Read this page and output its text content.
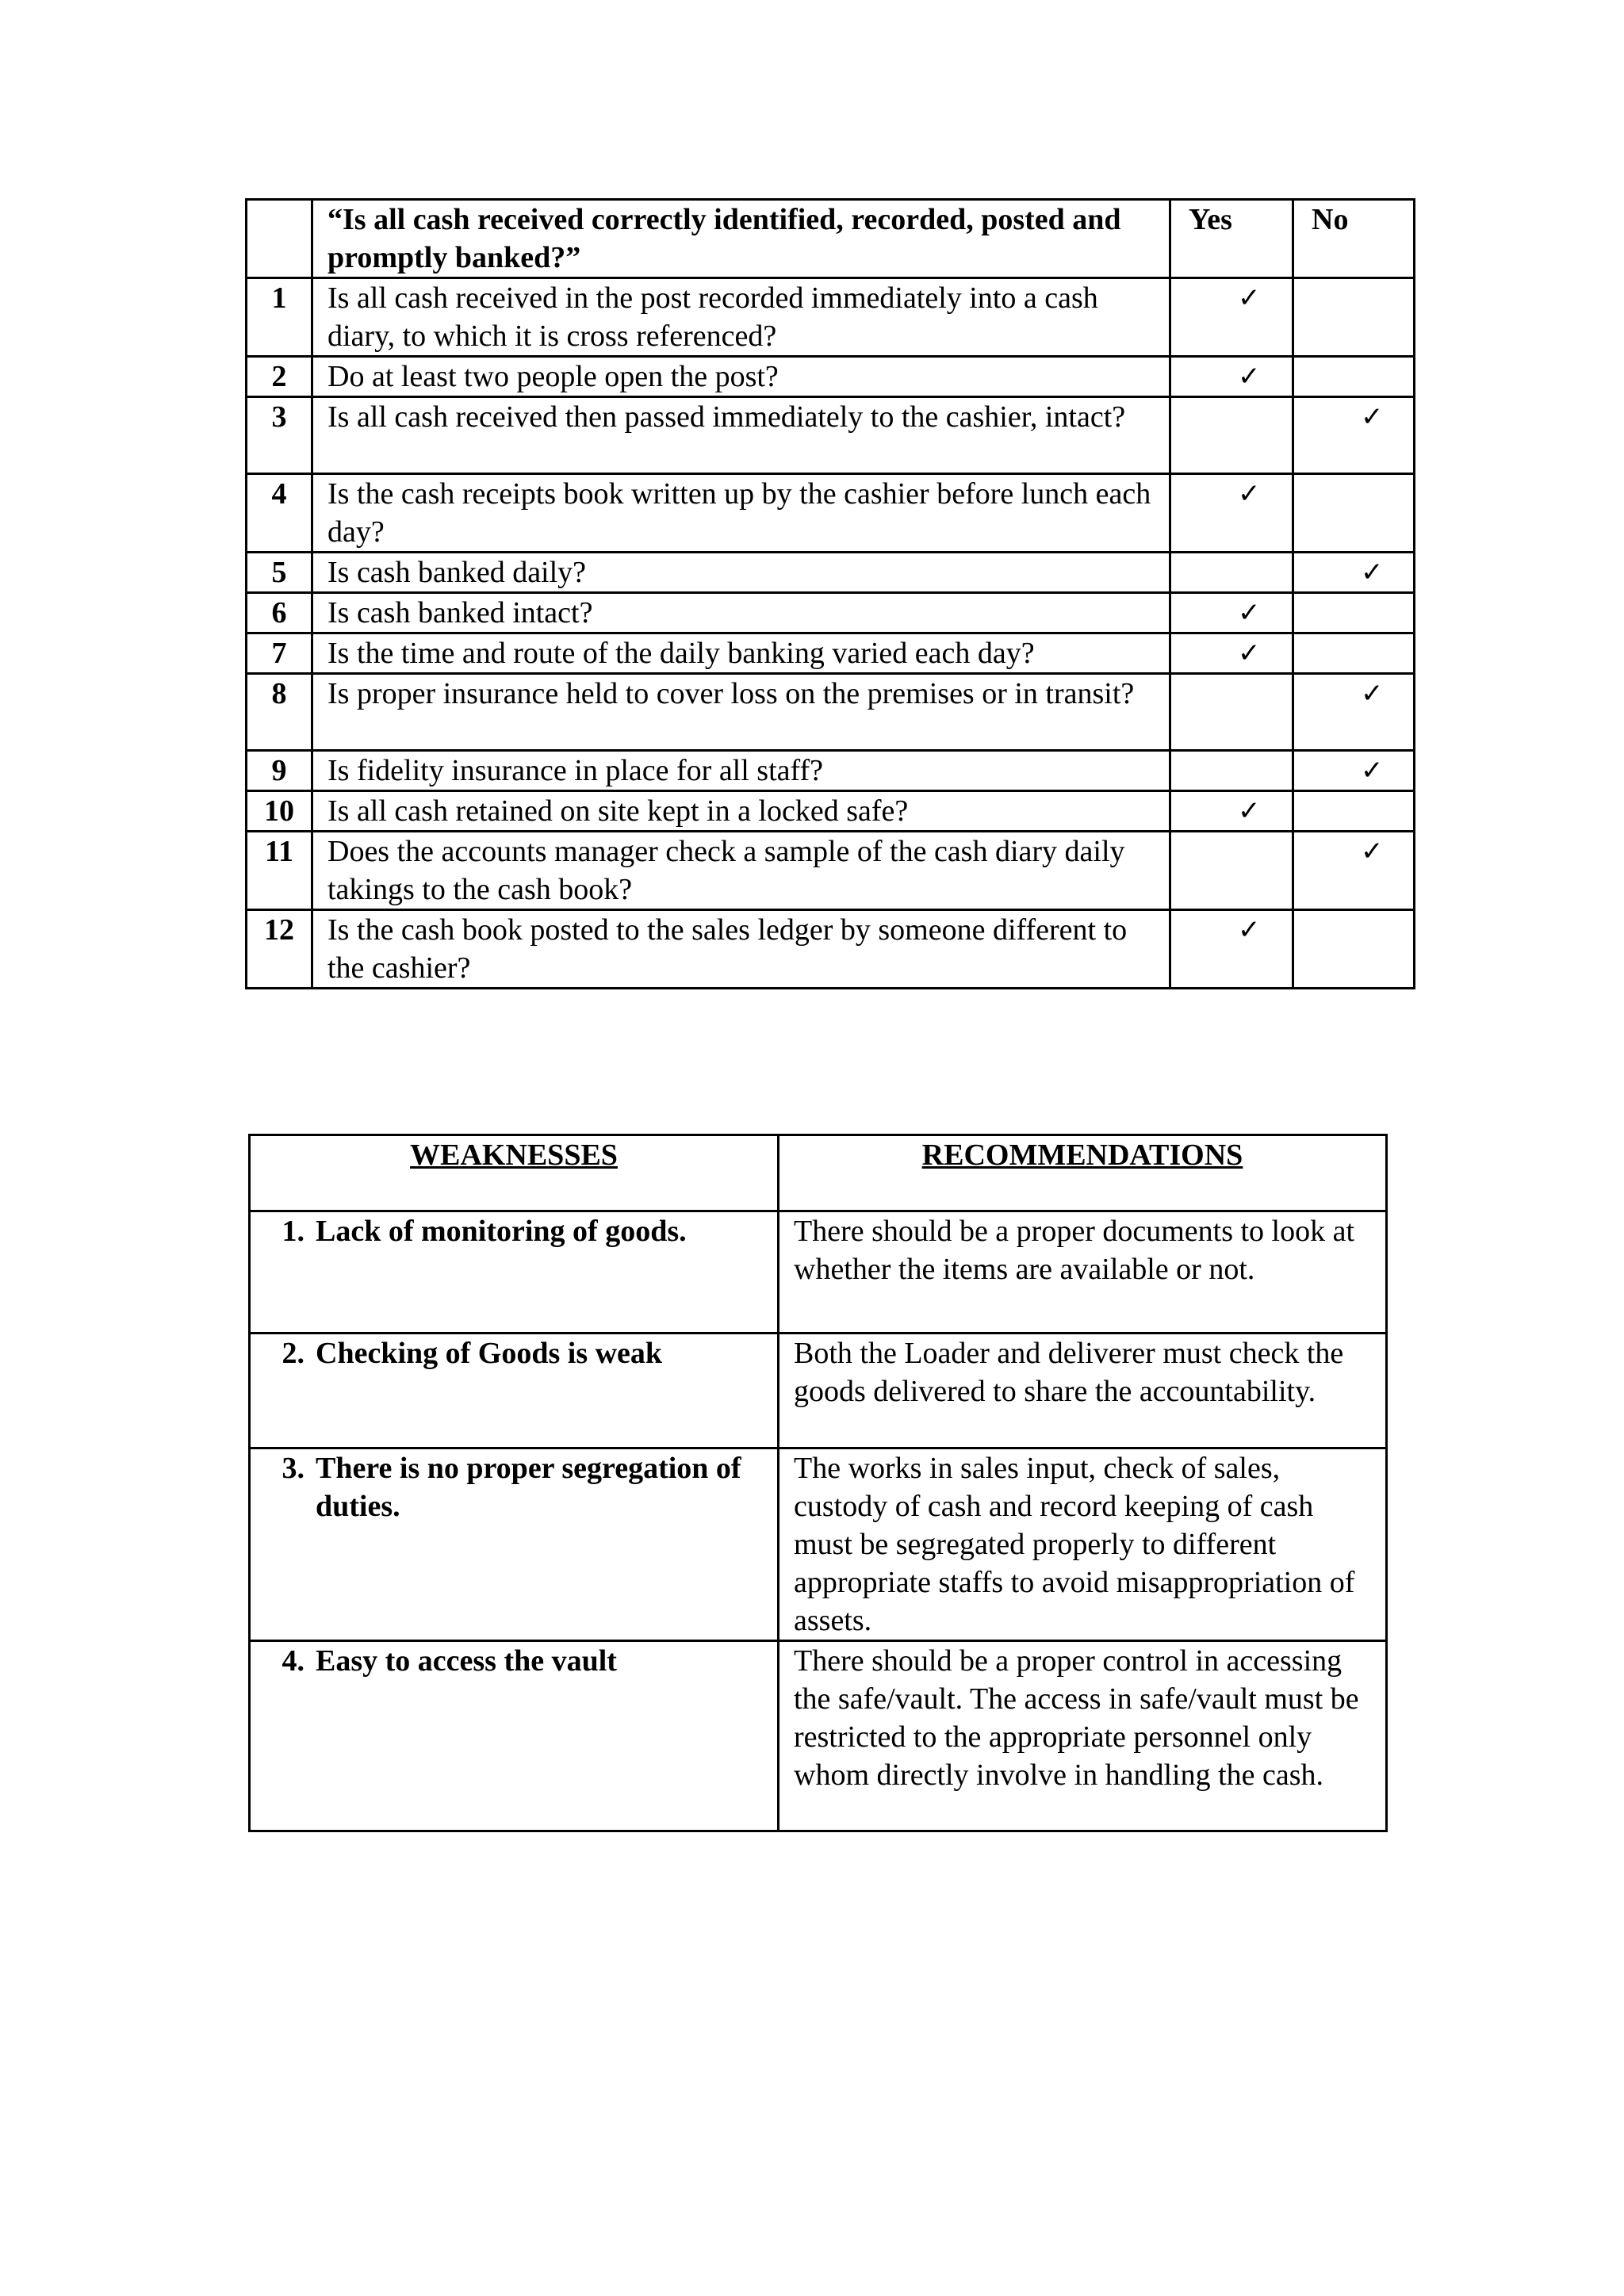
	“Is all cash received correctly identified, recorded, posted and promptly banked?”	Yes	No
1	Is all cash received in the post recorded immediately into a cash diary, to which it is cross referenced?	✓	

2	Do at least two people open the post?	✓	

3	Is all cash received then passed immediately to the cashier, intact?		✓

4	Is the cash receipts book written up by the cashier before lunch each day?	✓	

5	Is cash banked daily?		✓

6	Is cash banked intact?	✓	

7	Is the time and route of the daily banking varied each day?	✓	

8	Is proper insurance held to cover loss on the premises or in transit?		✓

9	Is fidelity insurance in place for all staff?		✓

10	Is all cash retained on site kept in a locked safe?	✓	

11	Does the accounts manager check a sample of the cash diary daily takings to the cash book?		✓

12	Is the cash book posted to the sales ledger by someone different to the cashier?	✓	

WEAKNESSES	RECOMMENDATIONS

1. Lack of monitoring of goods.	There should be a proper documents to look at whether the items are available or not.

2. Checking of Goods is weak	Both the Loader and deliverer must check the goods delivered to share the accountability.

3. There is no proper segregation of duties.	The works in sales input, check of sales, custody of cash and record keeping of cash must be segregated properly to different appropriate staffs to avoid misappropriation of assets.

4. Easy to access the vault	There should be a proper control in accessing the safe/vault. The access in safe/vault must be restricted to the appropriate personnel only whom directly involve in handling the cash.
